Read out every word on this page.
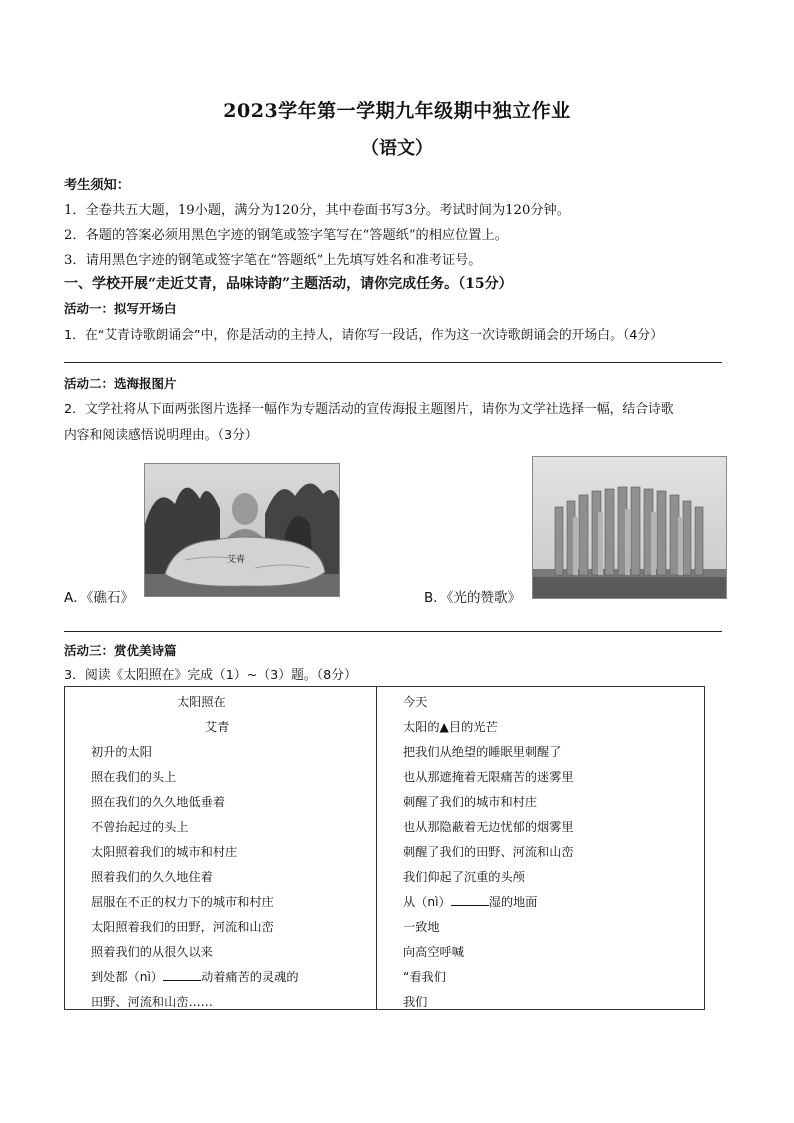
2023学年第一学期九年级期中独立作业
（语文）
考生须知：
1．全卷共五大题，19小题，满分为120分，其中卷面书写3分。考试时间为120分钟。
2．各题的答案必须用黑色字迹的钢笔或签字笔写在“答题纸”的相应位置上。
3．请用黑色字迹的钢笔或签字笔在“答题纸”上先填写姓名和准考证号。
一、学校开展“走近艾青，品味诗韵”主题活动，请你完成任务。（15分）
活动一：拟写开场白
1．在“艾青诗歌朗诵会”中，你是活动的主持人，请你写一段话，作为这一次诗歌朗诵会的开场白。（4分）
活动二：选海报图片
2．文学社将从下面两张图片选择一幅作为专题活动的宣传海报主题图片，请你为文学社选择一幅，结合诗歌
内容和阅读感悟说明理由。（3分）
艾青
A．《礁石》	B．《光的赞歌》
活动三：赏优美诗篇
3．阅读《太阳照在》完成（1）~（3）题。（8分）
太阳照在
艾青
初升的太阳
照在我们的头上
照在我们的久久地低垂着
不曾抬起过的头上
太阳照着我们的城市和村庄
照着我们的久久地住着
屈服在不正的权力下的城市和村庄
太阳照着我们的田野，河流和山峦
照着我们的从很久以来
到处都（nì）	动着痛苦的灵魂的
田野、河流和山峦……

今天
太阳的▲目的光芒
把我们从绝望的睡眠里刺醒了
也从那遮掩着无限痛苦的迷雾里
刺醒了我们的城市和村庄
也从那隐蔽着无边忧郁的烟雾里
刺醒了我们的田野、河流和山峦
我们仰起了沉重的头颅
从（nì）	湿的地面
一致地
向高空呼喊
“看我们
我们
